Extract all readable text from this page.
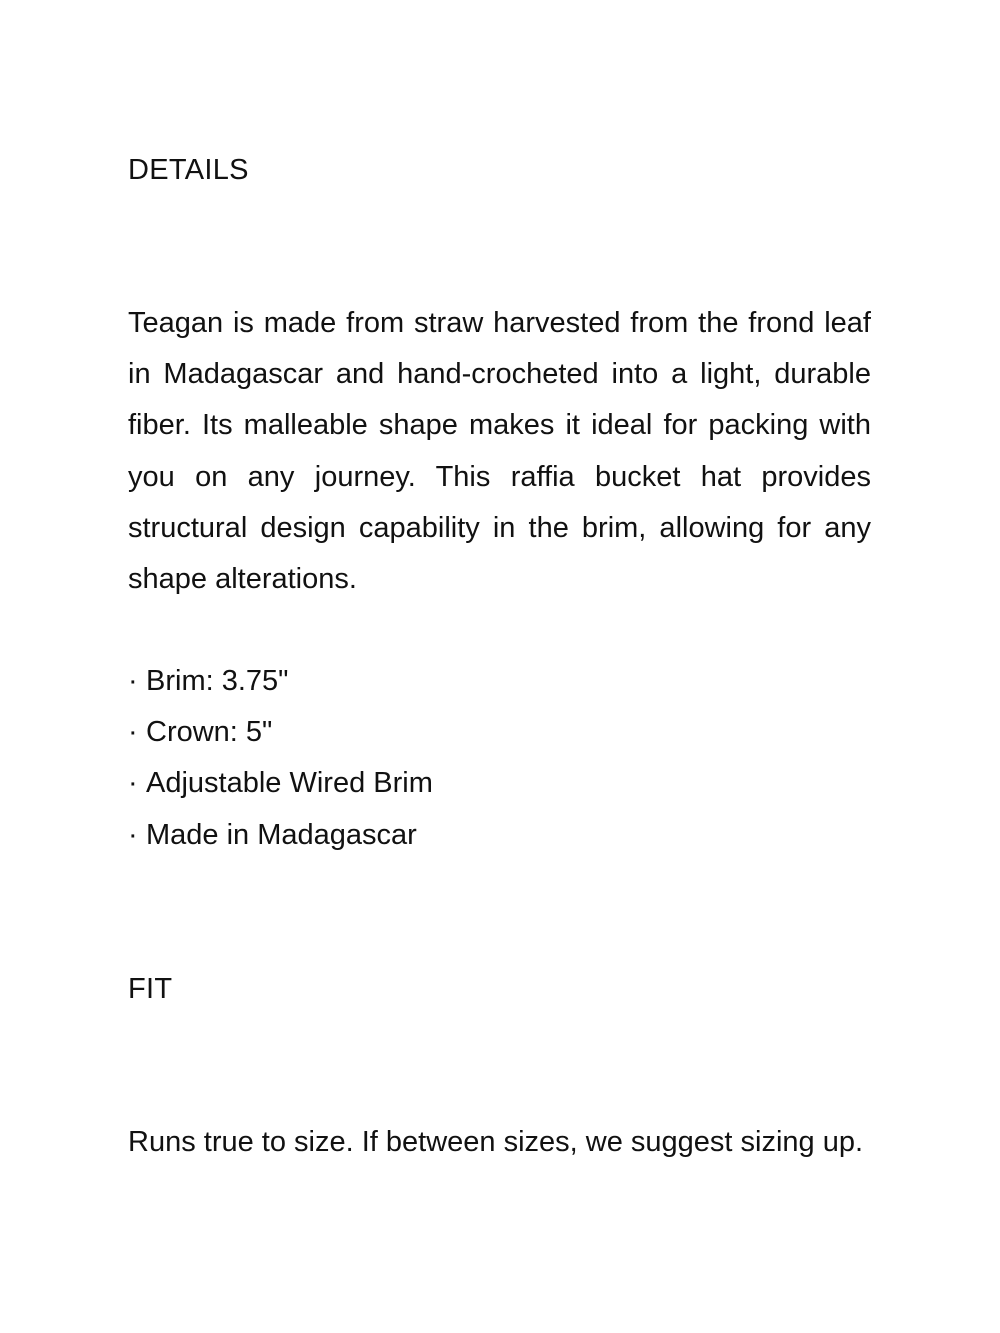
DETAILS

Teagan is made from straw harvested from the frond leaf in Madagascar and hand-crocheted into a light, durable fiber. Its malleable shape makes it ideal for packing with you on any journey. This raffia bucket hat provides structural design capability in the brim, allowing for any shape alterations.

· Brim: 3.75"
· Crown: 5"
· Adjustable Wired Brim
· Made in Madagascar
FIT

Runs true to size. If between sizes, we suggest sizing up.
